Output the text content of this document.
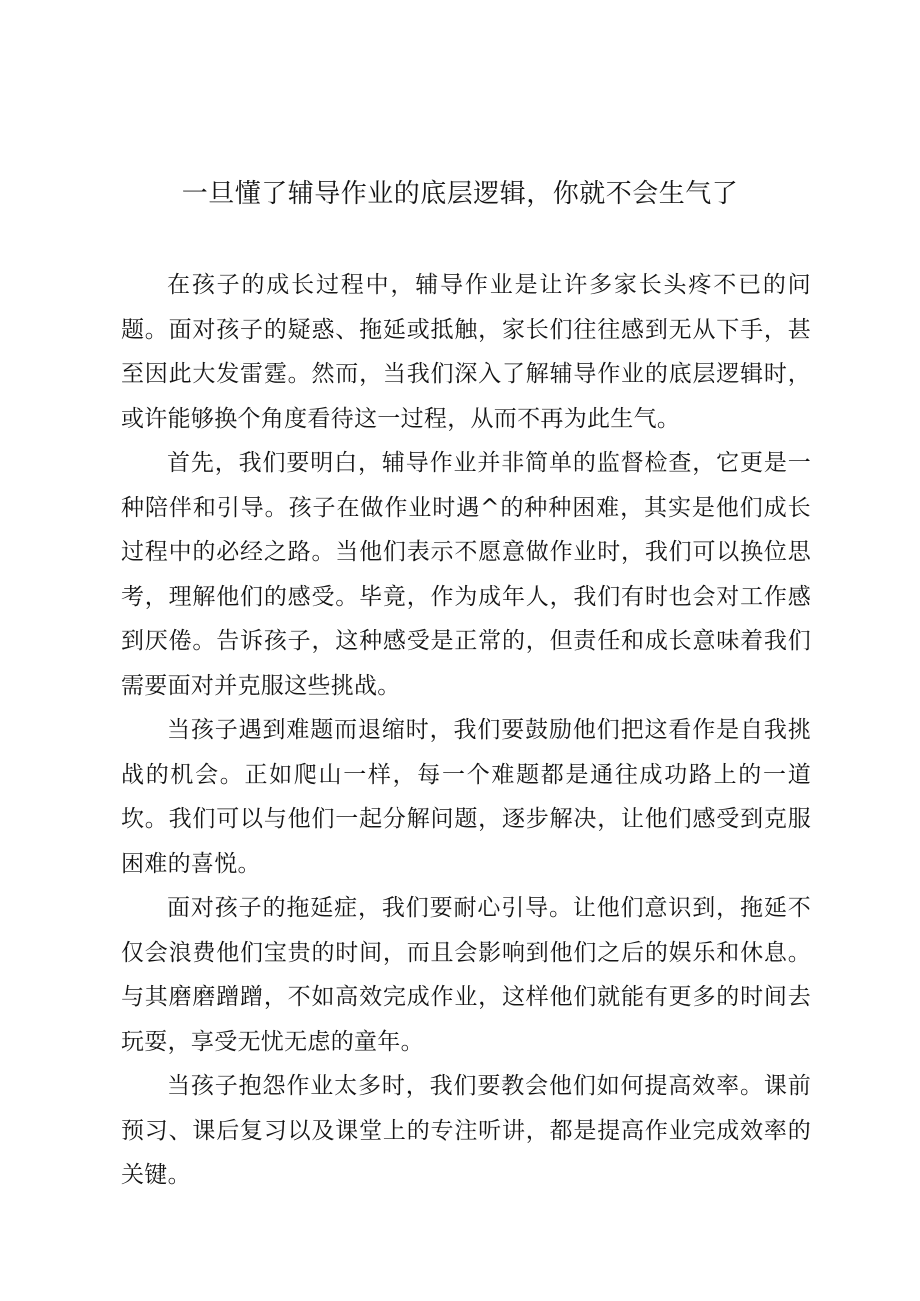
一旦懂了辅导作业的底层逻辑，你就不会生气了

在孩子的成长过程中，辅导作业是让许多家长头疼不已的问题。面对孩子的疑惑、拖延或抵触，家长们往往感到无从下手，甚至因此大发雷霆。然而，当我们深入了解辅导作业的底层逻辑时，或许能够换个角度看待这一过程，从而不再为此生气。

首先，我们要明白，辅导作业并非简单的监督检查，它更是一种陪伴和引导。孩子在做作业时遇^的种种困难，其实是他们成长过程中的必经之路。当他们表示不愿意做作业时，我们可以换位思考，理解他们的感受。毕竟，作为成年人，我们有时也会对工作感到厌倦。告诉孩子，这种感受是正常的，但责任和成长意味着我们需要面对并克服这些挑战。

当孩子遇到难题而退缩时，我们要鼓励他们把这看作是自我挑战的机会。正如爬山一样，每一个难题都是通往成功路上的一道坎。我们可以与他们一起分解问题，逐步解决，让他们感受到克服困难的喜悦。

面对孩子的拖延症，我们要耐心引导。让他们意识到，拖延不仅会浪费他们宝贵的时间，而且会影响到他们之后的娱乐和休息。与其磨磨蹭蹭，不如高效完成作业，这样他们就能有更多的时间去玩耍，享受无忧无虑的童年。

当孩子抱怨作业太多时，我们要教会他们如何提高效率。课前预习、课后复习以及课堂上的专注听讲，都是提高作业完成效率的关键。
